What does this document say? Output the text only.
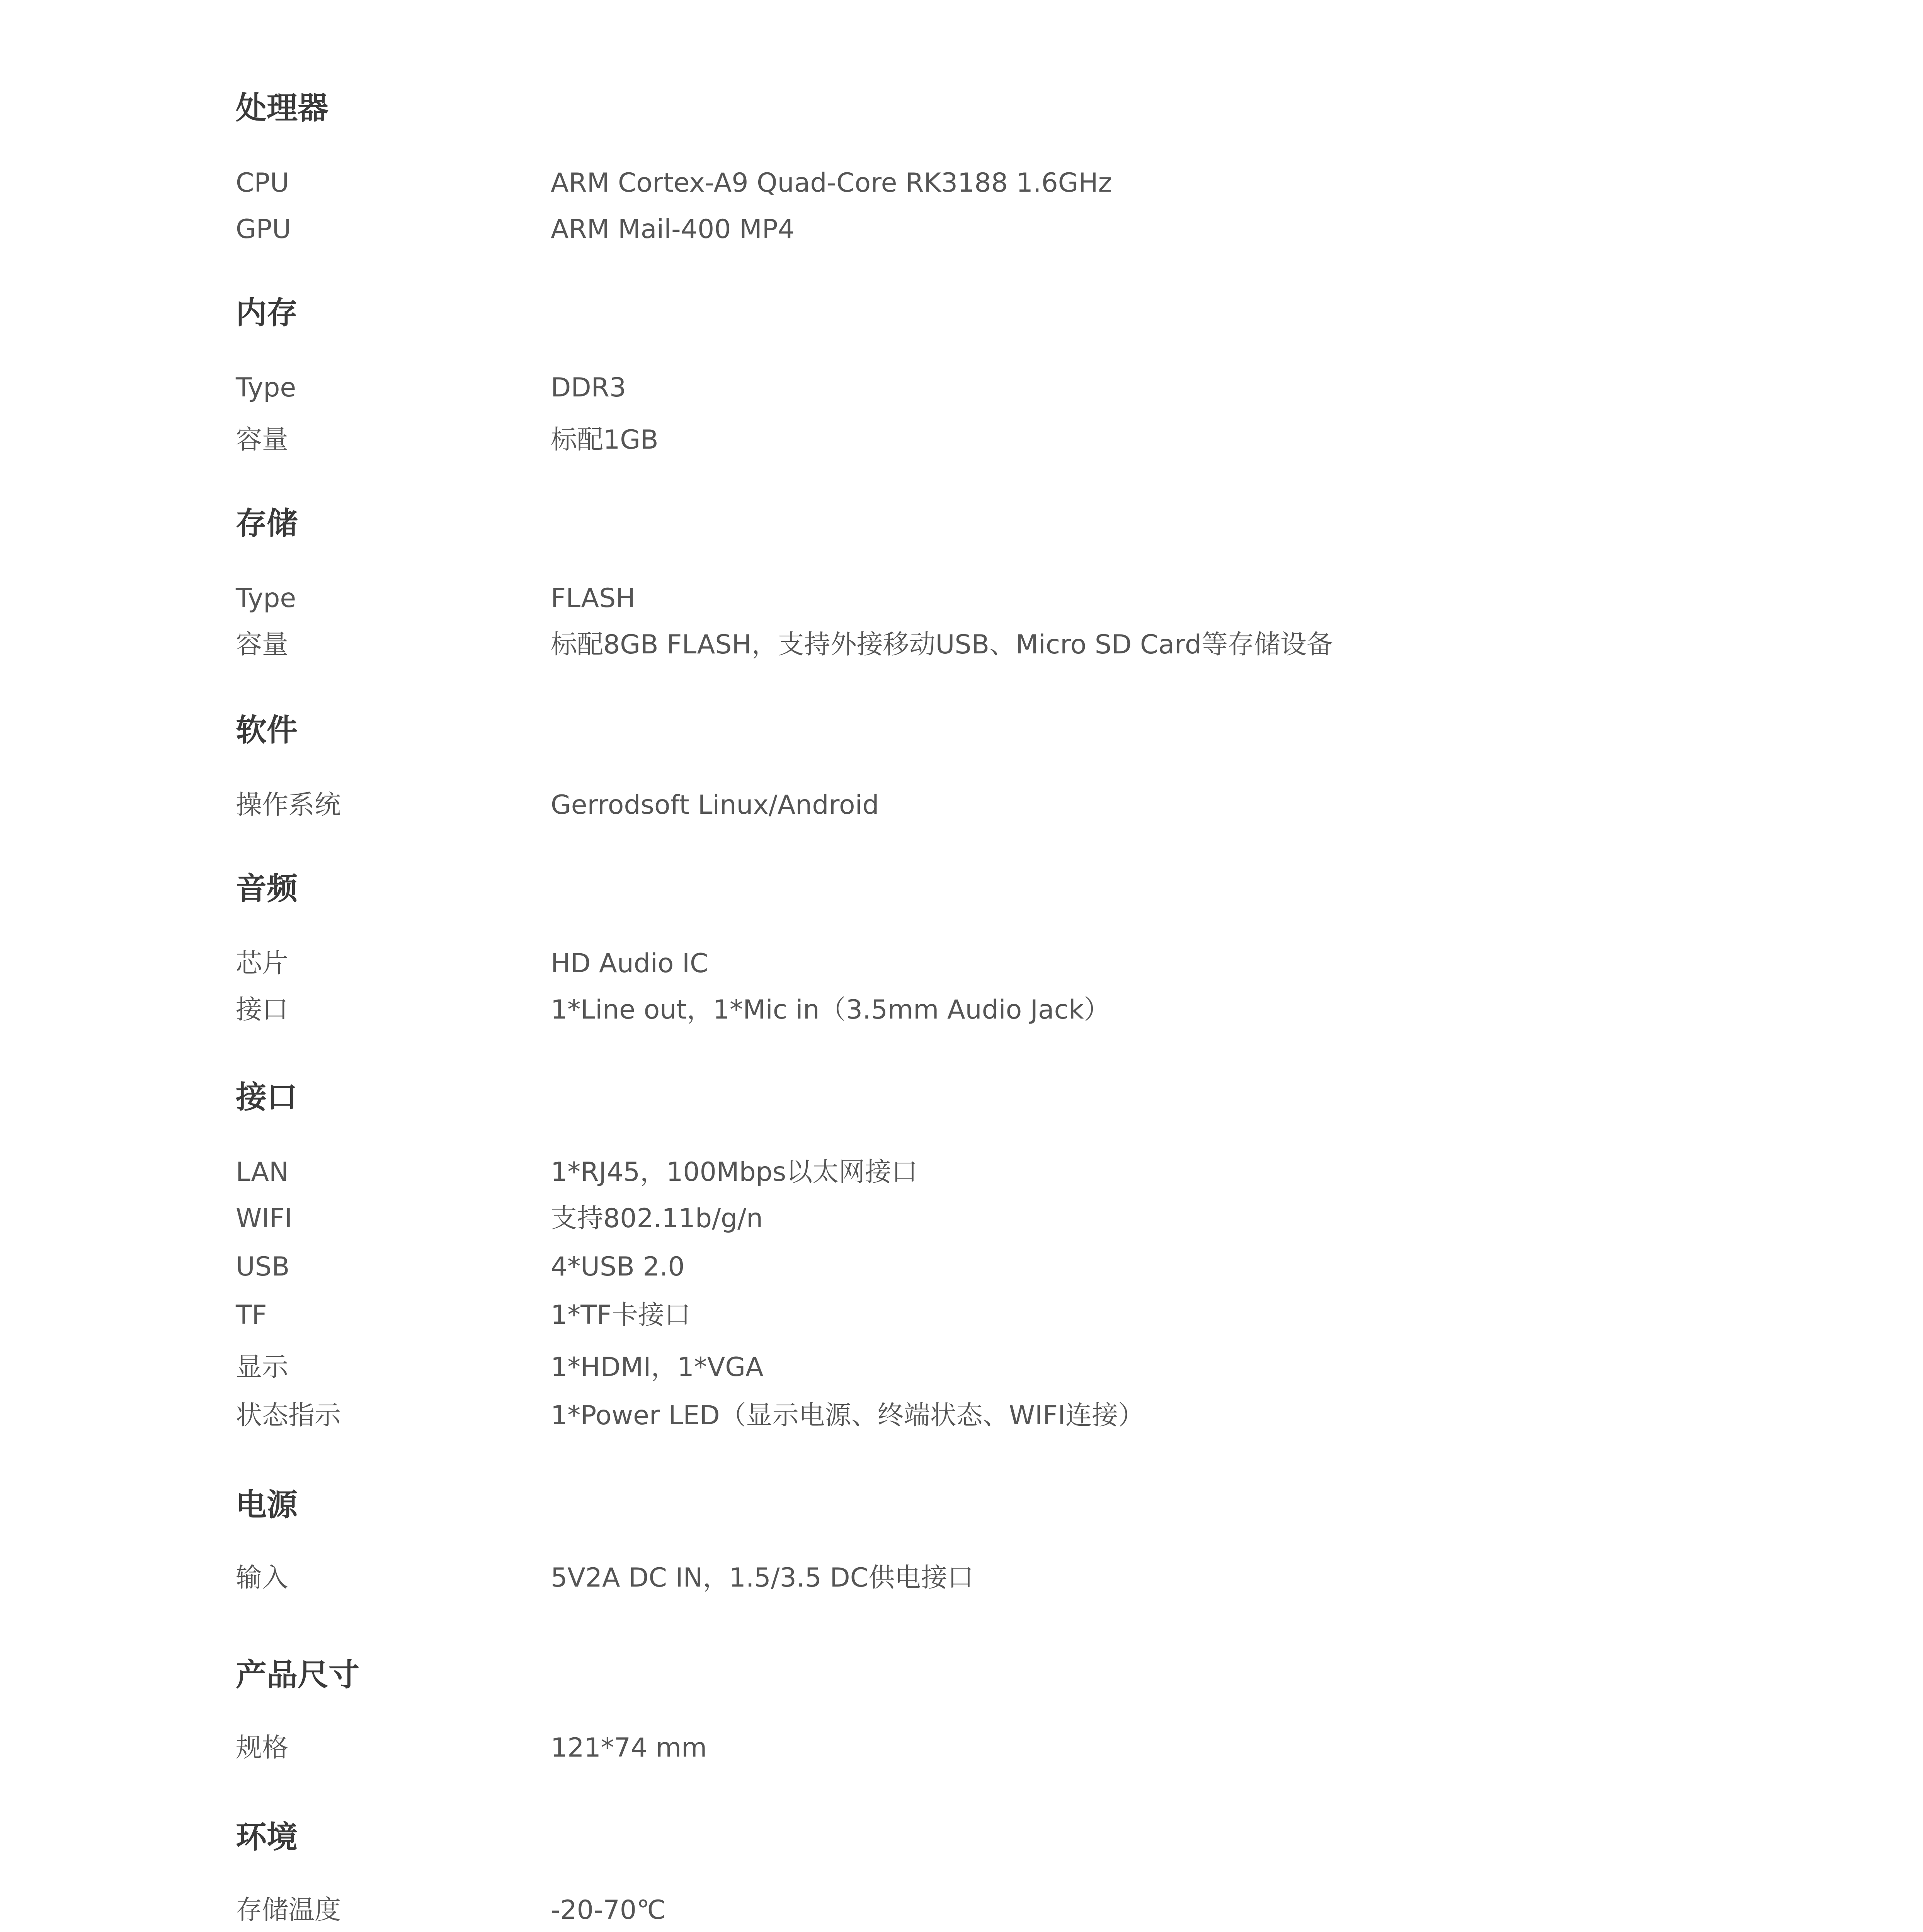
处理器
CPU	ARM Cortex-A9 Quad-Core RK3188 1.6GHz
GPU	ARM Mail-400 MP4
内存
Type	DDR3
容量	标配1GB
存储
Type	FLASH
容量	标配8GB FLASH，支持外接移动USB、Micro SD Card等存储设备
软件
操作系统	Gerrodsoft Linux/Android
音频
芯片	HD Audio IC
接口	1*Line out，1*Mic in（3.5mm Audio Jack）
接口
LAN	1*RJ45，100Mbps以太网接口
WIFI	支持802.11b/g/n
USB	4*USB 2.0
TF	1*TF卡接口
显示	1*HDMI，1*VGA
状态指示	1*Power LED（显示电源、终端状态、WIFI连接）
电源
输入	5V2A DC IN，1.5/3.5 DC供电接口
产品尺寸
规格	121*74 mm
环境
存储温度	-20-70℃
